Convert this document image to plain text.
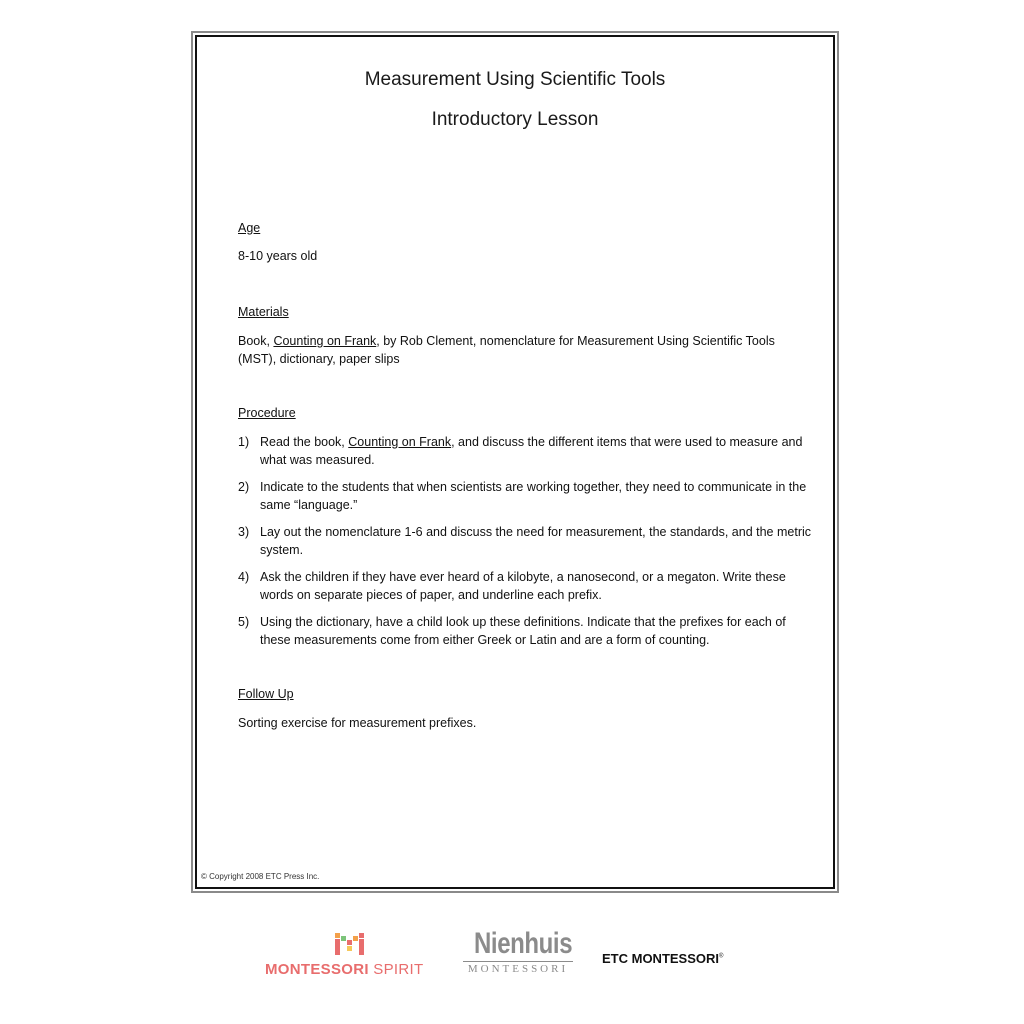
Measurement Using Scientific Tools
Introductory Lesson

Age

8-10 years old

Materials

Book, Counting on Frank, by Rob Clement, nomenclature for Measurement Using Scientific Tools
(MST), dictionary, paper slips

Procedure

1) Read the book, Counting on Frank, and discuss the different items that were used to measure and what was measured.
2) Indicate to the students that when scientists are working together, they need to communicate in the same “language.”
3) Lay out the nomenclature 1-6 and discuss the need for measurement, the standards, and the metric system.
4) Ask the children if they have ever heard of a kilobyte, a nanosecond, or a megaton. Write these words on separate pieces of paper, and underline each prefix.
5) Using the dictionary, have a child look up these definitions. Indicate that the prefixes for each of these measurements come from either Greek or Latin and are a form of counting.

Follow Up

Sorting exercise for measurement prefixes.

© Copyright 2008 ETC Press Inc.
MONTESSORI SPIRIT
Nienhuis
MONTESSORI
ETC MONTESSORI®
